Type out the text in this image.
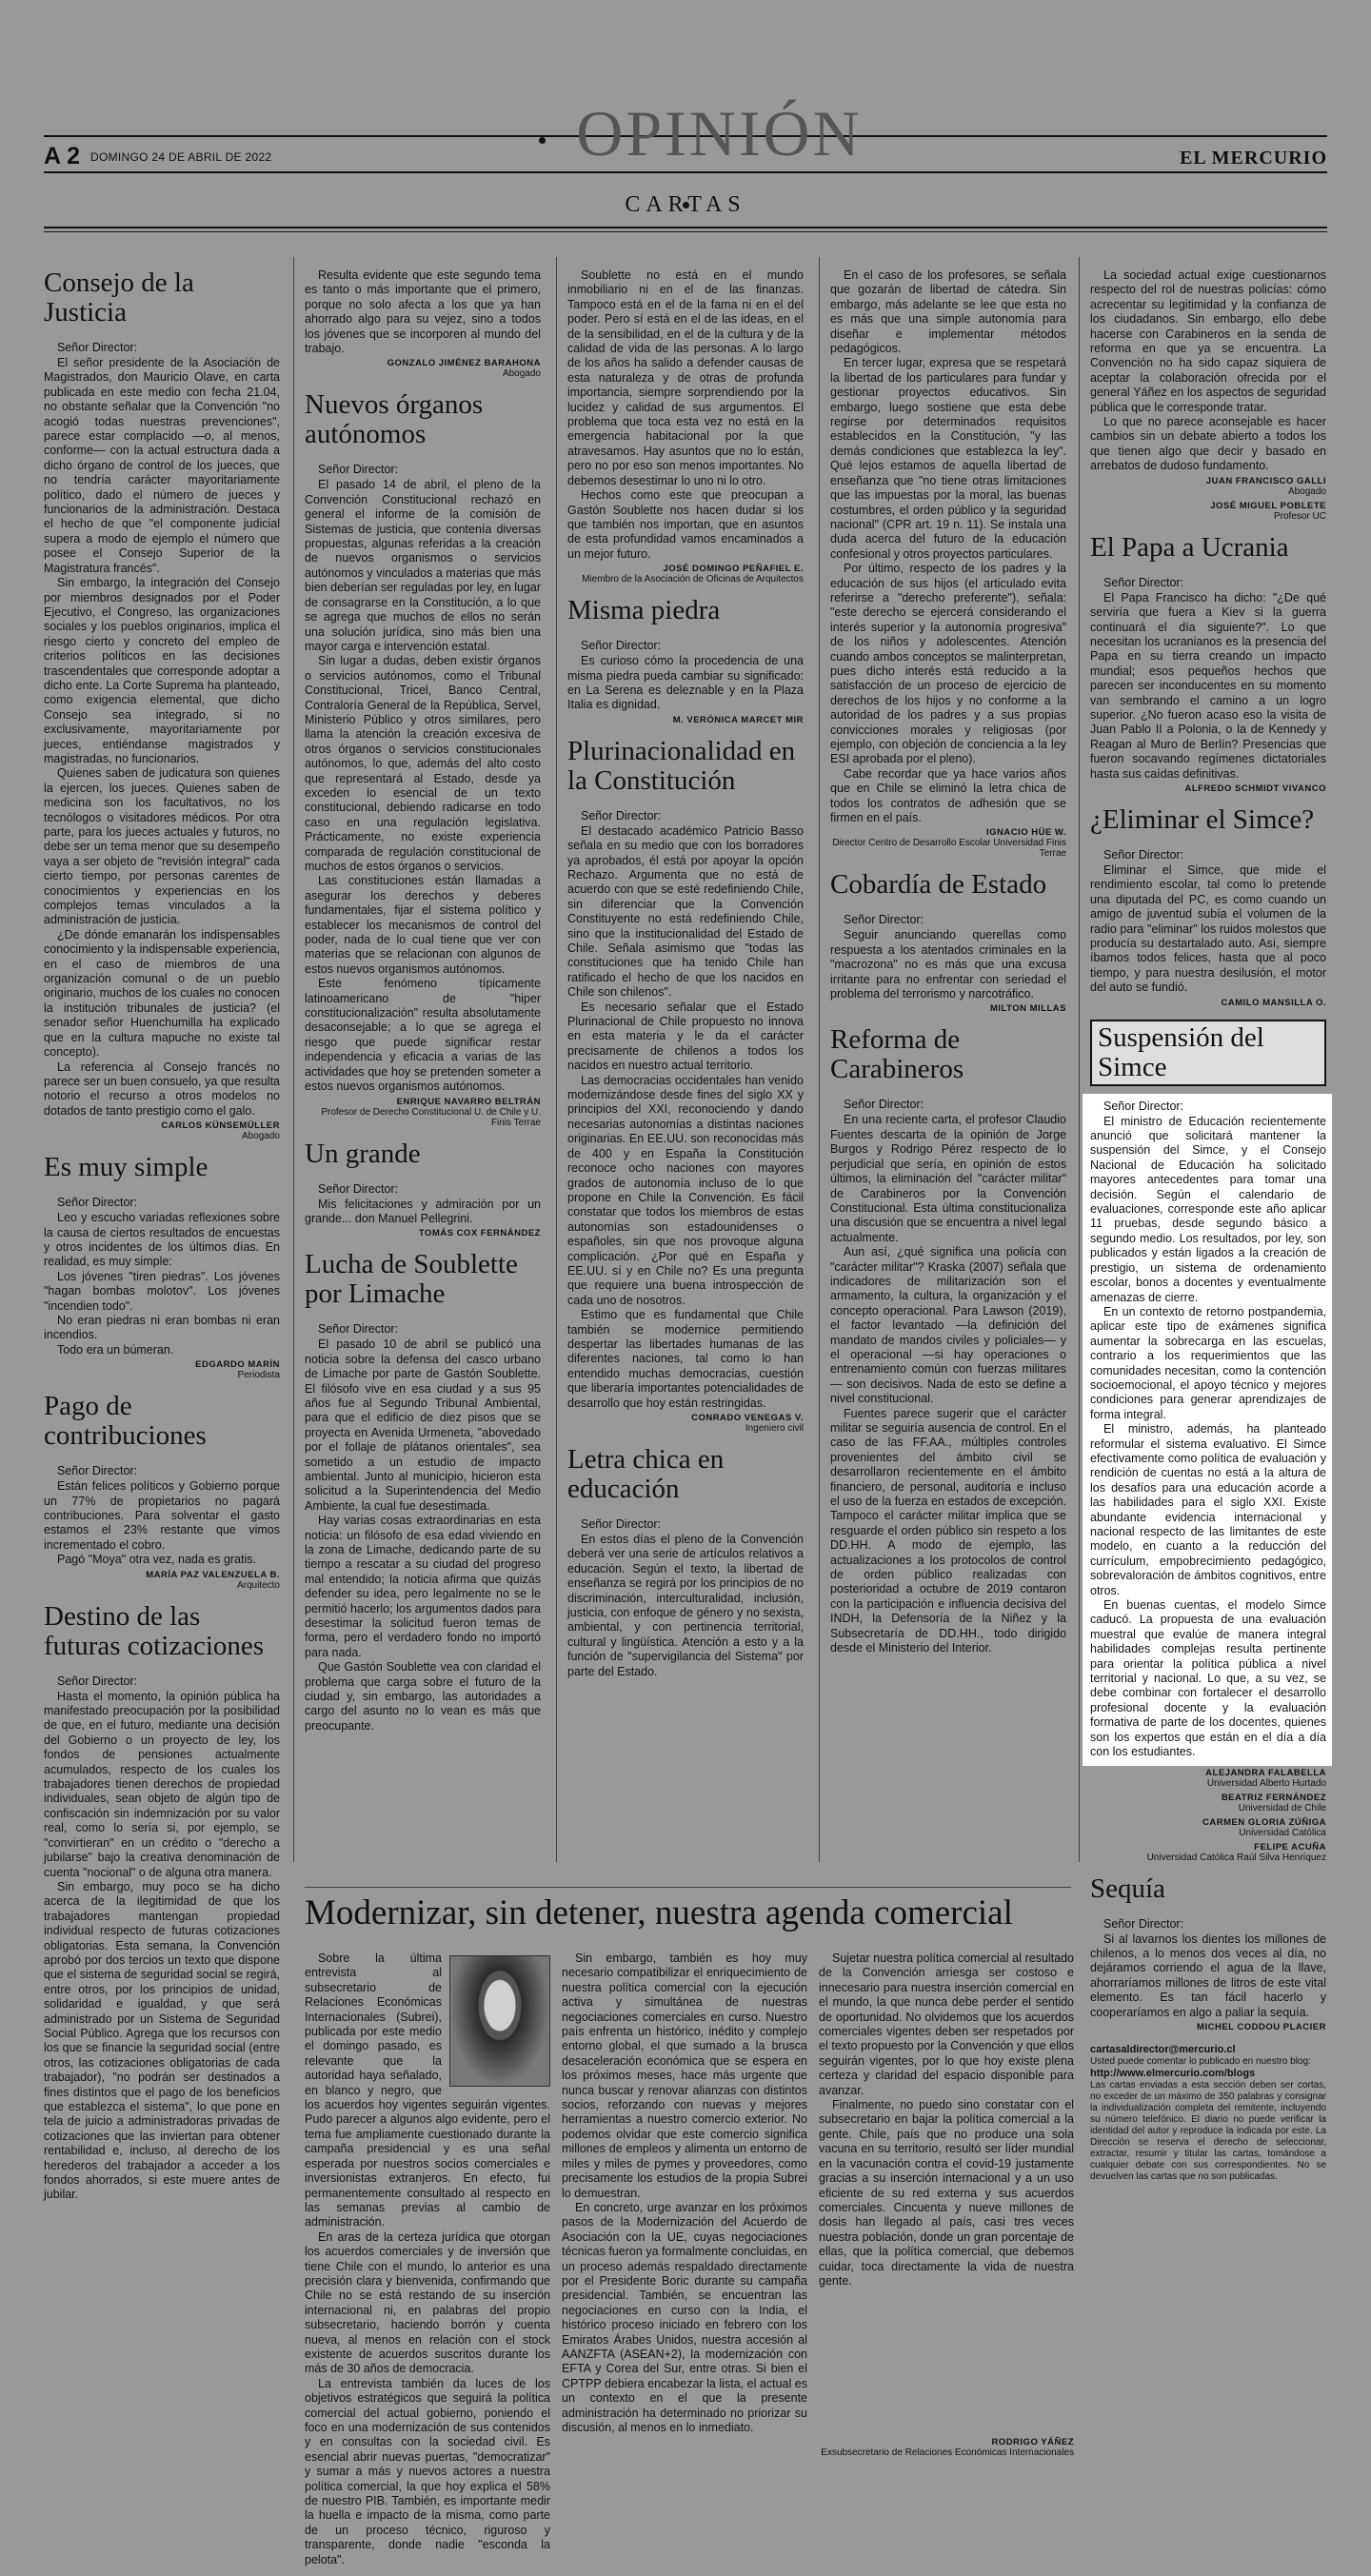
OPINIÓN
A 2 DOMINGO 24 DE ABRIL DE 2022	EL MERCURIO
CARTAS
Consejo de la Justicia
Señor Director:

El señor presidente de la Asociación de Magistrados, don Mauricio Olave, en carta publicada en este medio con fecha 21.04, no obstante señalar que la Convención "no acogió todas nuestras prevenciones", parece estar complacido —o, al menos, conforme— con la actual estructura dada a dicho órgano de control de los jueces, que no tendría carácter mayoritariamente político, dado el número de jueces y funcionarios de la administración. Destaca el hecho de que "el componente judicial supera a modo de ejemplo el número que posee el Consejo Superior de la Magistratura francés".

Sin embargo, la integración del Consejo por miembros designados por el Poder Ejecutivo, el Congreso, las organizaciones sociales y los pueblos originarios, implica el riesgo cierto y concreto del empleo de criterios políticos en las decisiones trascendentales que corresponde adoptar a dicho ente. La Corte Suprema ha planteado, como exigencia elemental, que dicho Consejo sea integrado, si no exclusivamente, mayoritariamente por jueces, entiéndanse magistrados y magistradas, no funcionarios.

Quienes saben de judicatura son quienes la ejercen, los jueces. Quienes saben de medicina son los facultativos, no los tecnólogos o visitadores médicos. Por otra parte, para los jueces actuales y futuros, no debe ser un tema menor que su desempeño vaya a ser objeto de "revisión integral" cada cierto tiempo, por personas carentes de conocimientos y experiencias en los complejos temas vinculados a la administración de justicia.

¿De dónde emanarán los indispensables conocimiento y la indispensable experiencia, en el caso de miembros de una organización comunal o de un pueblo originario, muchos de los cuales no conocen la institución tribunales de justicia? (el senador señor Huenchumilla ha explicado que en la cultura mapuche no existe tal concepto).

La referencia al Consejo francés no parece ser un buen consuelo, ya que resulta notorio el recurso a otros modelos no dotados de tanto prestigio como el galo.

CARLOS KÜNSEMÜLLER
Abogado
Es muy simple
Señor Director:

Leo y escucho variadas reflexiones sobre la causa de ciertos resultados de encuestas y otros incidentes de los últimos días. En realidad, es muy simple:

Los jóvenes "tiren piedras". Los jóvenes "hagan bombas molotov". Los jóvenes "incendien todo".

No eran piedras ni eran bombas ni eran incendios.

Todo era un búmeran.

EDGARDO MARÍN
Periodista
Pago de contribuciones
Señor Director:

Están felices políticos y Gobierno porque un 77% de propietarios no pagará contribuciones. Para solventar el gasto estamos el 23% restante que vimos incrementado el cobro.

Pagó "Moya" otra vez, nada es gratis.

MARÍA PAZ VALENZUELA B.
Arquitecto
Destino de las futuras cotizaciones
Señor Director:

Hasta el momento, la opinión pública ha manifestado preocupación por la posibilidad de que, en el futuro, mediante una decisión del Gobierno o un proyecto de ley, los fondos de pensiones actualmente acumulados, respecto de los cuales los trabajadores tienen derechos de propiedad individuales, sean objeto de algún tipo de confiscación sin indemnización por su valor real, como lo sería si, por ejemplo, se "convirtieran" en un crédito o "derecho a jubilarse" bajo la creativa denominación de cuenta "nocional" o de alguna otra manera.

Sin embargo, muy poco se ha dicho acerca de la ilegitimidad de que los trabajadores mantengan propiedad individual respecto de futuras cotizaciones obligatorias. Esta semana, la Convención aprobó por dos tercios un texto que dispone que el sistema de seguridad social se regirá, entre otros, por los principios de unidad, solidaridad e igualdad, y que será administrado por un Sistema de Seguridad Social Público. Agrega que los recursos con los que se financie la seguridad social (entre otros, las cotizaciones obligatorias de cada trabajador), "no podrán ser destinados a fines distintos que el pago de los beneficios que establezca el sistema", lo que pone en tela de juicio a administradoras privadas de cotizaciones que las inviertan para obtener rentabilidad e, incluso, al derecho de los herederos del trabajador a acceder a los fondos ahorrados, si este muere antes de jubilar.

Resulta evidente que este segundo tema es tanto o más importante que el primero, porque no solo afecta a los que ya han ahorrado algo para su vejez, sino a todos los jóvenes que se incorporen al mundo del trabajo.

GONZALO JIMÉNEZ BARAHONA
Abogado
Nuevos órganos autónomos
Señor Director:

El pasado 14 de abril, el pleno de la Convención Constitucional rechazó en general el informe de la comisión de Sistemas de justicia, que contenía diversas propuestas, algunas referidas a la creación de nuevos organismos o servicios autónomos y vinculados a materias que más bien deberían ser reguladas por ley, en lugar de consagrarse en la Constitución, a lo que se agrega que muchos de ellos no serán una solución jurídica, sino más bien una mayor carga e intervención estatal.

Sin lugar a dudas, deben existir órganos o servicios autónomos, como el Tribunal Constitucional, Tricel, Banco Central, Contraloría General de la República, Servel, Ministerio Público y otros similares, pero llama la atención la creación excesiva de otros órganos o servicios constitucionales autónomos, lo que, además del alto costo que representará al Estado, desde ya exceden lo esencial de un texto constitucional, debiendo radicarse en todo caso en una regulación legislativa. Prácticamente, no existe experiencia comparada de regulación constitucional de muchos de estos órganos o servicios.

Las constituciones están llamadas a asegurar los derechos y deberes fundamentales, fijar el sistema político y establecer los mecanismos de control del poder, nada de lo cual tiene que ver con materias que se relacionan con algunos de estos nuevos organismos autónomos.

Este fenómeno típicamente latinoamericano de "hiper constitucionalización" resulta absolutamente desaconsejable; a lo que se agrega el riesgo que puede significar restar independencia y eficacia a varias de las actividades que hoy se pretenden someter a estos nuevos organismos autónomos.

ENRIQUE NAVARRO BELTRÁN
Profesor de Derecho Constitucional U. de Chile y U. Finis Terrae
Un grande
Señor Director:

Mis felicitaciones y admiración por un grande... don Manuel Pellegrini.

TOMÁS COX FERNÁNDEZ
Lucha de Soublette por Limache
Señor Director:

El pasado 10 de abril se publicó una noticia sobre la defensa del casco urbano de Limache por parte de Gastón Soublette. El filósofo vive en esa ciudad y a sus 95 años fue al Segundo Tribunal Ambiental, para que el edificio de diez pisos que se proyecta en Avenida Urmeneta, "abovedado por el follaje de plátanos orientales", sea sometido a un estudio de impacto ambiental. Junto al municipio, hicieron esta solicitud a la Superintendencia del Medio Ambiente, la cual fue desestimada.

Hay varias cosas extraordinarias en esta noticia: un filósofo de esa edad viviendo en la zona de Limache, dedicando parte de su tiempo a rescatar a su ciudad del progreso mal entendido; la noticia afirma que quizás defender su idea, pero legalmente no se le permitió hacerlo; los argumentos dados para desestimar la solicitud fueron temas de forma, pero el verdadero fondo no importó para nada.

Que Gastón Soublette vea con claridad el problema que carga sobre el futuro de la ciudad y, sin embargo, las autoridades a cargo del asunto no lo vean es más que preocupante.

Soublette no está en el mundo inmobiliario ni en el de las finanzas. Tampoco está en el de la fama ni en el del poder. Pero sí está en el de las ideas, en el de la sensibilidad, en el de la cultura y de la calidad de vida de las personas. A lo largo de los años ha salido a defender causas de esta naturaleza y de otras de profunda importancia, siempre sorprendiendo por la lucidez y calidad de sus argumentos. El problema que toca esta vez no está en la emergencia habitacional por la que atravesamos. Hay asuntos que no lo están, pero no por eso son menos importantes. No debemos desestimar lo uno ni lo otro.

Hechos como este que preocupan a Gastón Soublette nos hacen dudar si los que también nos importan, que en asuntos de esta profundidad vamos encaminados a un mejor futuro.

JOSÉ DOMINGO PEÑAFIEL E.
Miembro de la Asociación de Oficinas de Arquitectos
Misma piedra
Señor Director:

Es curioso cómo la procedencia de una misma piedra pueda cambiar su significado: en La Serena es deleznable y en la Plaza Italia es dignidad.

M. VERÓNICA MARCET MIR
Plurinacionalidad en la Constitución
Señor Director:

El destacado académico Patricio Basso señala en su medio que con los borradores ya aprobados, él está por apoyar la opción Rechazo. Argumenta que no está de acuerdo con que se esté redefiniendo Chile, sin diferenciar que la Convención Constituyente no está redefiniendo Chile, sino que la institucionalidad del Estado de Chile. Señala asimismo que "todas las constituciones que ha tenido Chile han ratificado el hecho de que los nacidos en Chile son chilenos".

Es necesario señalar que el Estado Plurinacional de Chile propuesto no innova en esta materia y le da el carácter precisamente de chilenos a todos los nacidos en nuestro actual territorio.

Las democracias occidentales han venido modernizándose desde fines del siglo XX y principios del XXI, reconociendo y dando necesarias autonomías a distintas naciones originarias. En EE.UU. son reconocidas más de 400 y en España la Constitución reconoce ocho naciones con mayores grados de autonomía incluso de lo que propone en Chile la Convención. Es fácil constatar que todos los miembros de estas autonomías son estadounidenses o españoles, sin que nos provoque alguna complicación. ¿Por qué en España y EE.UU. sí y en Chile no? Es una pregunta que requiere una buena introspección de cada uno de nosotros.

Estimo que es fundamental que Chile también se modernice permitiendo despertar las libertades humanas de las diferentes naciones, tal como lo han entendido muchas democracias, cuestión que liberaría importantes potencialidades de desarrollo que hoy están restringidas.

CONRADO VENEGAS V.
Ingeniero civil
Letra chica en educación
Señor Director:

En estos días el pleno de la Convención deberá ver una serie de artículos relativos a educación. Según el texto, la libertad de enseñanza se regirá por los principios de no discriminación, interculturalidad, inclusión, justicia, con enfoque de género y no sexista, ambiental, y con pertinencia territorial, cultural y lingüística. Atención a esto y a la función de "supervigilancia del Sistema" por parte del Estado.

En el caso de los profesores, se señala que gozarán de libertad de cátedra. Sin embargo, más adelante se lee que esta no es más que una simple autonomía para diseñar e implementar métodos pedagógicos.

En tercer lugar, expresa que se respetará la libertad de los particulares para fundar y gestionar proyectos educativos. Sin embargo, luego sostiene que esta debe regirse por determinados requisitos establecidos en la Constitución, "y las demás condiciones que establezca la ley". Qué lejos estamos de aquella libertad de enseñanza que "no tiene otras limitaciones que las impuestas por la moral, las buenas costumbres, el orden público y la seguridad nacional" (CPR art. 19 n. 11). Se instala una duda acerca del futuro de la educación confesional y otros proyectos particulares.

Por último, respecto de los padres y la educación de sus hijos (el articulado evita referirse a "derecho preferente"), señala: "este derecho se ejercerá considerando el interés superior y la autonomía progresiva" de los niños y adolescentes. Atención cuando ambos conceptos se malinterpretan, pues dicho interés está reducido a la satisfacción de un proceso de ejercicio de derechos de los hijos y no conforme a la autoridad de los padres y a sus propias convicciones morales y religiosas (por ejemplo, con objeción de conciencia a la ley ESI aprobada por el pleno).

Cabe recordar que ya hace varios años que en Chile se eliminó la letra chica de todos los contratos de adhesión que se firmen en el país.

IGNACIO HÜE W.
Director Centro de Desarrollo Escolar Universidad Finis Terrae
Cobardía de Estado
Señor Director:

Seguir anunciando querellas como respuesta a los atentados criminales en la "macrozona" no es más que una excusa irritante para no enfrentar con seriedad el problema del terrorismo y narcotráfico.

MILTON MILLAS
Reforma de Carabineros
Señor Director:

En una reciente carta, el profesor Claudio Fuentes descarta de la opinión de Jorge Burgos y Rodrigo Pérez respecto de lo perjudicial que sería, en opinión de estos últimos, la eliminación del "carácter militar" de Carabineros por la Convención Constitucional. Esta última constitucionaliza una discusión que se encuentra a nivel legal actualmente.

Aun así, ¿qué significa una policía con "carácter militar"? Kraska (2007) señala que indicadores de militarización son el armamento, la cultura, la organización y el concepto operacional. Para Lawson (2019), el factor levantado —la definición del mandato de mandos civiles y policiales— y el operacional —si hay operaciones o entrenamiento común con fuerzas militares— son decisivos. Nada de esto se define a nivel constitucional.

Fuentes parece sugerir que el carácter militar se seguiría ausencia de control. En el caso de las FF.AA., múltiples controles provenientes del ámbito civil se desarrollaron recientemente en el ámbito financiero, de personal, auditoría e incluso el uso de la fuerza en estados de excepción. Tampoco el carácter militar implica que se resguarde el orden público sin respeto a los DD.HH. A modo de ejemplo, las actualizaciones a los protocolos de control de orden público realizadas con posterioridad a octubre de 2019 contaron con la participación e influencia decisiva del INDH, la Defensoría de la Niñez y la Subsecretaría de DD.HH., todo dirigido desde el Ministerio del Interior.

La sociedad actual exige cuestionarnos respecto del rol de nuestras policías: cómo acrecentar su legitimidad y la confianza de los ciudadanos. Sin embargo, ello debe hacerse con Carabineros en la senda de reforma en que ya se encuentra. La Convención no ha sido capaz siquiera de aceptar la colaboración ofrecida por el general Yáñez en los aspectos de seguridad pública que le corresponde tratar.

Lo que no parece aconsejable es hacer cambios sin un debate abierto a todos los que tienen algo que decir y basado en arrebatos de dudoso fundamento.

JUAN FRANCISCO GALLI
Abogado
JOSÉ MIGUEL POBLETE
Profesor UC
El Papa a Ucrania
Señor Director:

El Papa Francisco ha dicho: "¿De qué serviría que fuera a Kiev si la guerra continuará el día siguiente?". Lo que necesitan los ucranianos es la presencia del Papa en su tierra creando un impacto mundial; esos pequeños hechos que parecen ser inconducentes en su momento van sembrando el camino a un logro superior. ¿No fueron acaso eso la visita de Juan Pablo II a Polonia, o la de Kennedy y Reagan al Muro de Berlín? Presencias que fueron socavando regímenes dictatoriales hasta sus caídas definitivas.

ALFREDO SCHMIDT VIVANCO
¿Eliminar el Simce?
Señor Director:

Eliminar el Simce, que mide el rendimiento escolar, tal como lo pretende una diputada del PC, es como cuando un amigo de juventud subía el volumen de la radio para "eliminar" los ruidos molestos que producía su destartalado auto. Así, siempre íbamos todos felices, hasta que al poco tiempo, y para nuestra desilusión, el motor del auto se fundió.

CAMILO MANSILLA O.
Suspensión del Simce
Señor Director:

El ministro de Educación recientemente anunció que solicitará mantener la suspensión del Simce, y el Consejo Nacional de Educación ha solicitado mayores antecedentes para tomar una decisión. Según el calendario de evaluaciones, corresponde este año aplicar 11 pruebas, desde segundo básico a segundo medio. Los resultados, por ley, son publicados y están ligados a la creación de prestigio, un sistema de ordenamiento escolar, bonos a docentes y eventualmente amenazas de cierre.

En un contexto de retorno postpandemia, aplicar este tipo de exámenes significa aumentar la sobrecarga en las escuelas, contrario a los requerimientos que las comunidades necesitan, como la contención socioemocional, el apoyo técnico y mejores condiciones para generar aprendizajes de forma integral.

El ministro, además, ha planteado reformular el sistema evaluativo. El Simce efectivamente como política de evaluación y rendición de cuentas no está a la altura de los desafíos para una educación acorde a las habilidades para el siglo XXI. Existe abundante evidencia internacional y nacional respecto de las limitantes de este modelo, en cuanto a la reducción del currículum, empobrecimiento pedagógico, sobrevaloración de ámbitos cognitivos, entre otros.

En buenas cuentas, el modelo Simce caducó. La propuesta de una evaluación muestral que evalúe de manera integral habilidades complejas resulta pertinente para orientar la política pública a nivel territorial y nacional. Lo que, a su vez, se debe combinar con fortalecer el desarrollo profesional docente y la evaluación formativa de parte de los docentes, quienes son los expertos que están en el día a día con los estudiantes.

ALEJANDRA FALABELLA
Universidad Alberto Hurtado
BEATRIZ FERNÁNDEZ
Universidad de Chile
CARMEN GLORIA ZÚÑIGA
Universidad Católica
FELIPE ACUÑA
Universidad Católica Raúl Silva Henríquez
Sequía
Señor Director:

Si al lavarnos los dientes los millones de chilenos, a lo menos dos veces al día, no dejáramos corriendo el agua de la llave, ahorraríamos millones de litros de este vital elemento. Es tan fácil hacerlo y cooperaríamos en algo a paliar la sequía.

MICHEL CODDOU PLACIER
cartasaldirector@mercurio.cl
Usted puede comentar lo publicado en nuestro blog:
http://www.elmercurio.com/blogs
Las cartas enviadas a esta sección deben ser cortas, no exceder de un máximo de 350 palabras y consignar la individualización completa del remitente, incluyendo su número telefónico. El diario no puede verificar la identidad del autor y reproduce la indicada por este. La Dirección se reserva el derecho de seleccionar, extractar, resumir y titular las cartas, tomándose a cualquier debate con sus correspondientes. No se devuelven las cartas que no son publicadas.
Modernizar, sin detener, nuestra agenda comercial

Sobre la última entrevista al subsecretario de Relaciones Económicas Internacionales (Subrei), publicada por este medio el domingo pasado, es relevante que la autoridad haya señalado, en blanco y negro, que los acuerdos hoy vigentes seguirán vigentes. Pudo parecer a algunos algo evidente, pero el tema fue ampliamente cuestionado durante la campaña presidencial y es una señal esperada por nuestros socios comerciales e inversionistas extranjeros. En efecto, fui permanentemente consultado al respecto en las semanas previas al cambio de administración.

En aras de la certeza jurídica que otorgan los acuerdos comerciales y de inversión que tiene Chile con el mundo, lo anterior es una precisión clara y bienvenida, confirmando que Chile no se está restando de su inserción internacional ni, en palabras del propio subsecretario, haciendo borrón y cuenta nueva, al menos en relación con el stock existente de acuerdos suscritos durante los más de 30 años de democracia.

La entrevista también da luces de los objetivos estratégicos que seguirá la política comercial del actual gobierno, poniendo el foco en una modernización de sus contenidos y en consultas con la sociedad civil. Es esencial abrir nuevas puertas, "democratizar" y sumar a más y nuevos actores a nuestra política comercial, la que hoy explica el 58% de nuestro PIB. También, es importante medir la huella e impacto de la misma, como parte de un proceso técnico, riguroso y transparente, donde nadie "esconda la pelota".

Sin embargo, también es hoy muy necesario compatibilizar el enriquecimiento de nuestra política comercial con la ejecución activa y simultánea de nuestras negociaciones comerciales en curso. Nuestro país enfrenta un histórico, inédito y complejo entorno global, el que sumado a la brusca desaceleración económica que se espera en los próximos meses, hace más urgente que nunca buscar y renovar alianzas con distintos socios, reforzando con nuevas y mejores herramientas a nuestro comercio exterior. No podemos olvidar que este comercio significa millones de empleos y alimenta un entorno de miles y miles de pymes y proveedores, como precisamente los estudios de la propia Subrei lo demuestran.

En concreto, urge avanzar en los próximos pasos de la Modernización del Acuerdo de Asociación con la UE, cuyas negociaciones técnicas fueron ya formalmente concluidas, en un proceso además respaldado directamente por el Presidente Boric durante su campaña presidencial. También, se encuentran las negociaciones en curso con la India, el histórico proceso iniciado en febrero con los Emiratos Árabes Unidos, nuestra accesión al AANZFTA (ASEAN+2), la modernización con EFTA y Corea del Sur, entre otras. Si bien el CPTPP debiera encabezar la lista, el actual es un contexto en el que la presente administración ha determinado no priorizar su discusión, al menos en lo inmediato.

Sujetar nuestra política comercial al resultado de la Convención arriesga ser costoso e innecesario para nuestra inserción comercial en el mundo, la que nunca debe perder el sentido de oportunidad. No olvidemos que los acuerdos comerciales vigentes deben ser respetados por el texto propuesto por la Convención y que ellos seguirán vigentes, por lo que hoy existe plena certeza y claridad del espacio disponible para avanzar.

Finalmente, no puedo sino constatar con el subsecretario en bajar la política comercial a la gente. Chile, país que no produce una sola vacuna en su territorio, resultó ser líder mundial en la vacunación contra el covid-19 justamente gracias a su inserción internacional y a un uso eficiente de su red externa y sus acuerdos comerciales. Cincuenta y nueve millones de dosis han llegado al país, casi tres veces nuestra población, donde un gran porcentaje de ellas, que la política comercial, que debemos cuidar, toca directamente la vida de nuestra gente.

RODRIGO YÁÑEZ
Exsubsecretario de Relaciones Económicas Internacionales
